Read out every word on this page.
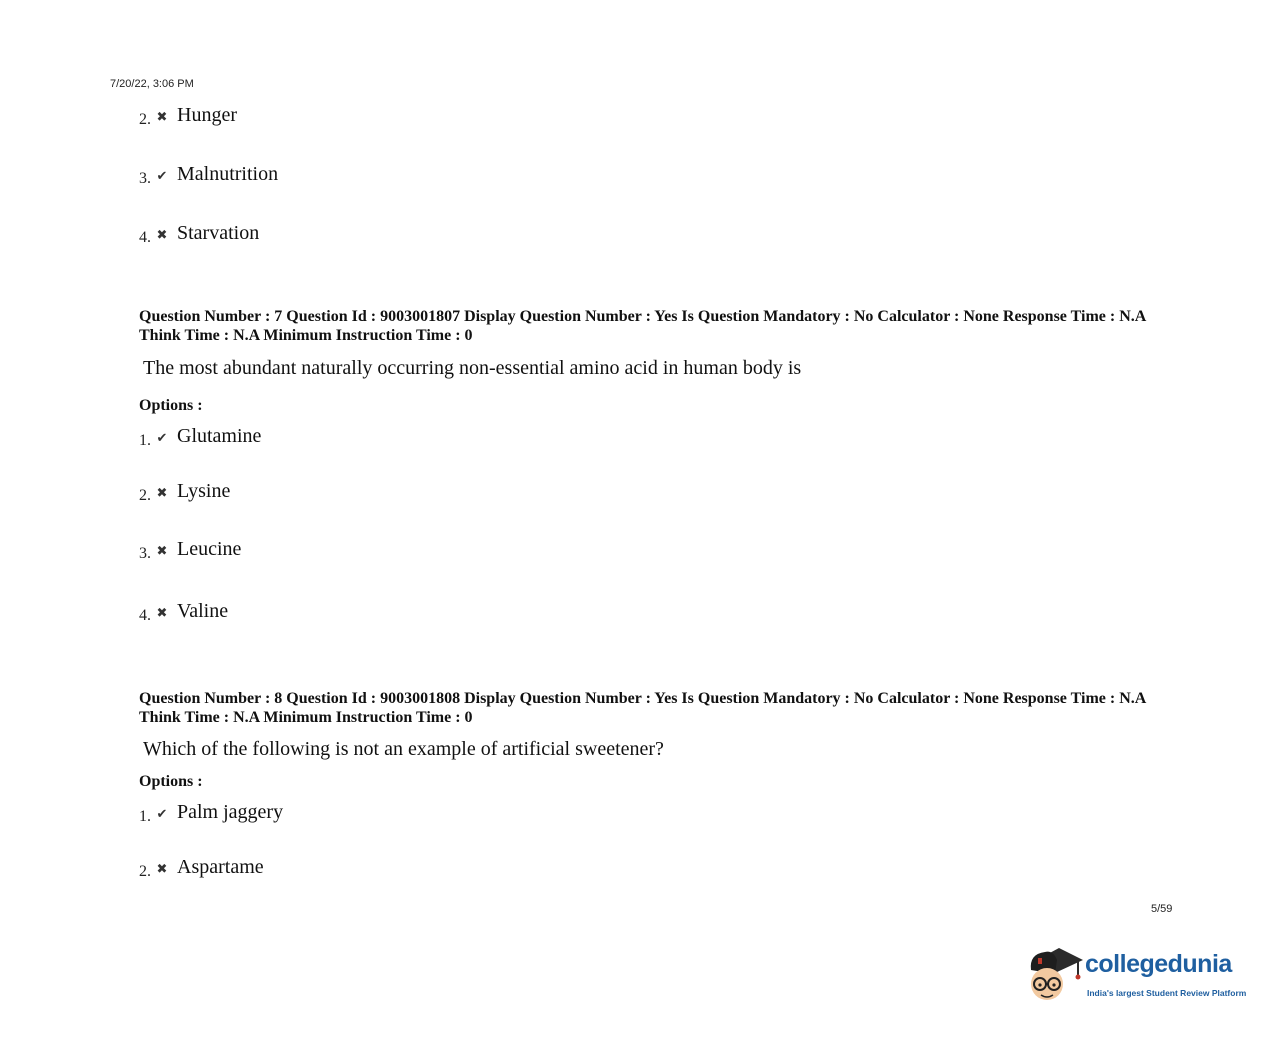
7/20/22, 3:06 PM
2. ✖ Hunger
3. ✔ Malnutrition
4. ✖ Starvation
Question Number : 7 Question Id : 9003001807 Display Question Number : Yes Is Question Mandatory : No Calculator : None Response Time : N.A Think Time : N.A Minimum Instruction Time : 0
The most abundant naturally occurring non-essential amino acid in human body is
Options :
1. ✔ Glutamine
2. ✖ Lysine
3. ✖ Leucine
4. ✖ Valine
Question Number : 8 Question Id : 9003001808 Display Question Number : Yes Is Question Mandatory : No Calculator : None Response Time : N.A Think Time : N.A Minimum Instruction Time : 0
Which of the following is not an example of artificial sweetener?
Options :
1. ✔ Palm jaggery
2. ✖ Aspartame
5/59
collegedunia
India's largest Student Review Platform
